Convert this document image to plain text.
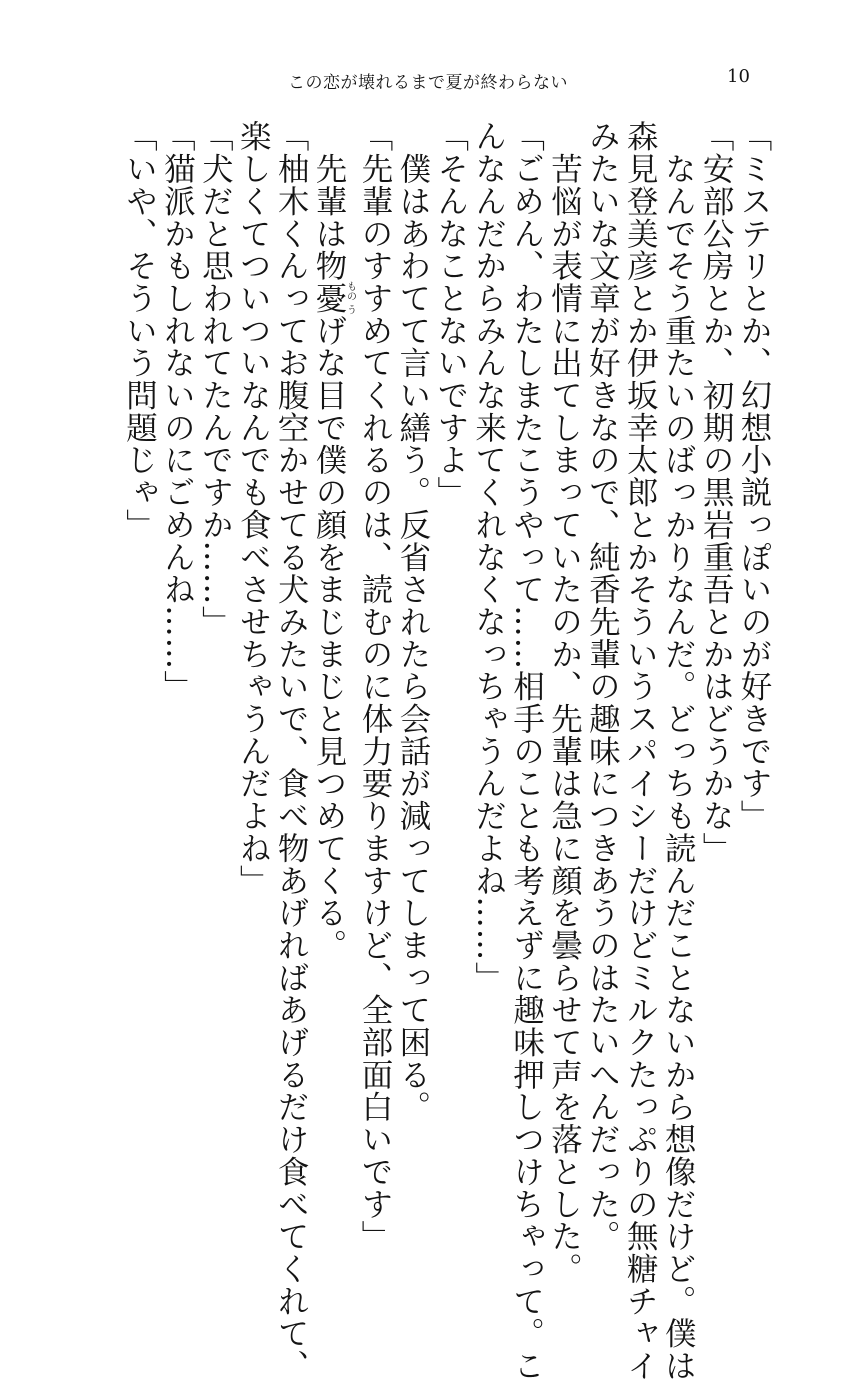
この恋が壊れるまで夏が終わらない	10
「ミステリとか、幻想小説っぽいのが好きです」
「安部公房とか、初期の黒岩重吾とかはどうかな」
　なんでそう重たいのばっかりなんだ。どっちも読んだことないから想像だけど。僕は
森見登美彦とか伊坂幸太郎とかそういうスパイシーだけどミルクたっぷりの無糖チャイ
みたいな文章が好きなので、純香先輩の趣味につきあうのはたいへんだった。
　苦悩が表情に出てしまっていたのか、先輩は急に顔を曇らせて声を落とした。
「ごめん、わたしまたこうやって……相手のことも考えずに趣味押しつけちゃって。こ
んなんだからみんな来てくれなくなっちゃうんだよね……」
「そんなことないですよ」
　僕はあわてて言い繕う。反省されたら会話が減ってしまって困る。
「先輩のすすめてくれるのは、読むのに体力要りますけど、全部面白いです」
　先輩は物憂もの うげな目で僕の顔をまじまじと見つめてくる。
「柚木くんってお腹空かせてる犬みたいで、食べ物あげればあげるだけ食べてくれて、
楽しくてついついなんでも食べさせちゃうんだよね」
「犬だと思われてたんですか……」
「猫派かもしれないのにごめんね……」
「いや、そういう問題じゃ」
